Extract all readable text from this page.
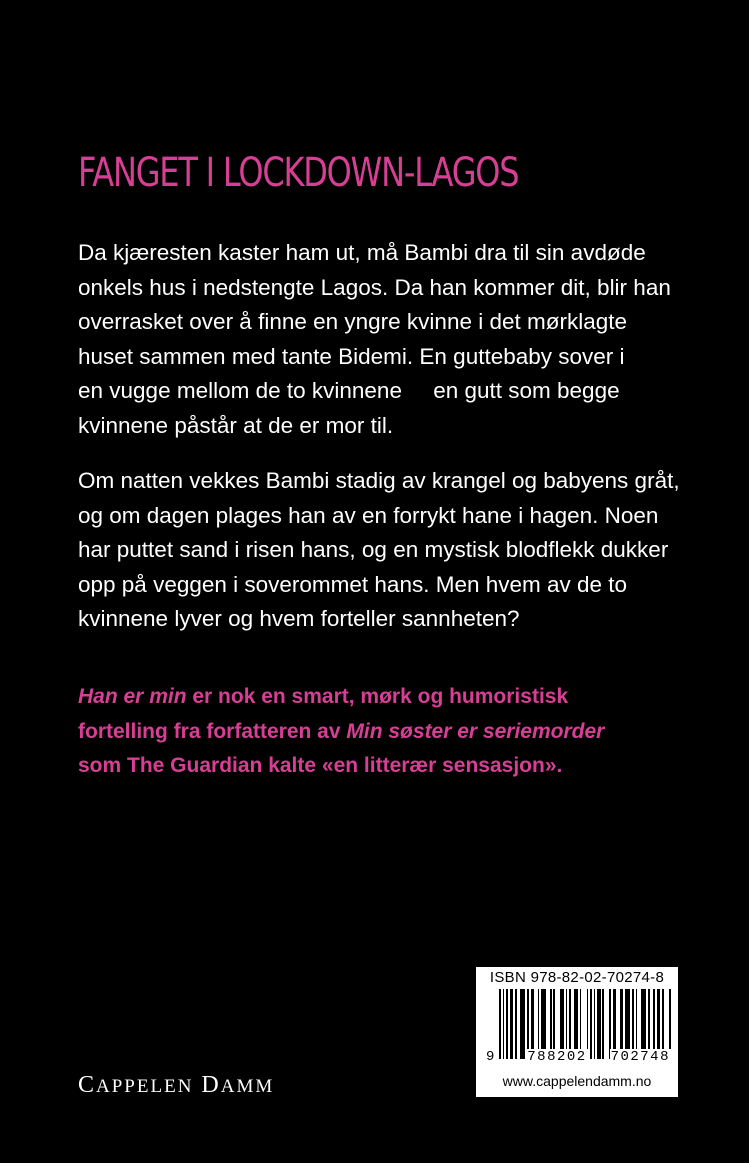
FANGET I LOCKDOWN-LAGOS
Da kjæresten kaster ham ut, må Bambi dra til sin avdøde
onkels hus i nedstengte Lagos. Da han kommer dit, blir han
overrasket over å finne en yngre kvinne i det mørklagte
huset sammen med tante Bidemi. En guttebaby sover i
en vugge mellom de to kvinnene     en gutt som begge
kvinnene påstår at de er mor til.
Om natten vekkes Bambi stadig av krangel og babyens gråt,
og om dagen plages han av en forrykt hane i hagen. Noen
har puttet sand i risen hans, og en mystisk blodflekk dukker
opp på veggen i soverommet hans. Men hvem av de to
kvinnene lyver og hvem forteller sannheten?
Han er min er nok en smart, mørk og humoristisk
fortelling fra forfatteren av Min søster er seriemorder
som The Guardian kalte «en litterær sensasjon».
CAPPELEN DAMM
ISBN 978-82-02-70274-8
9 788202 702748
www.cappelendamm.no
